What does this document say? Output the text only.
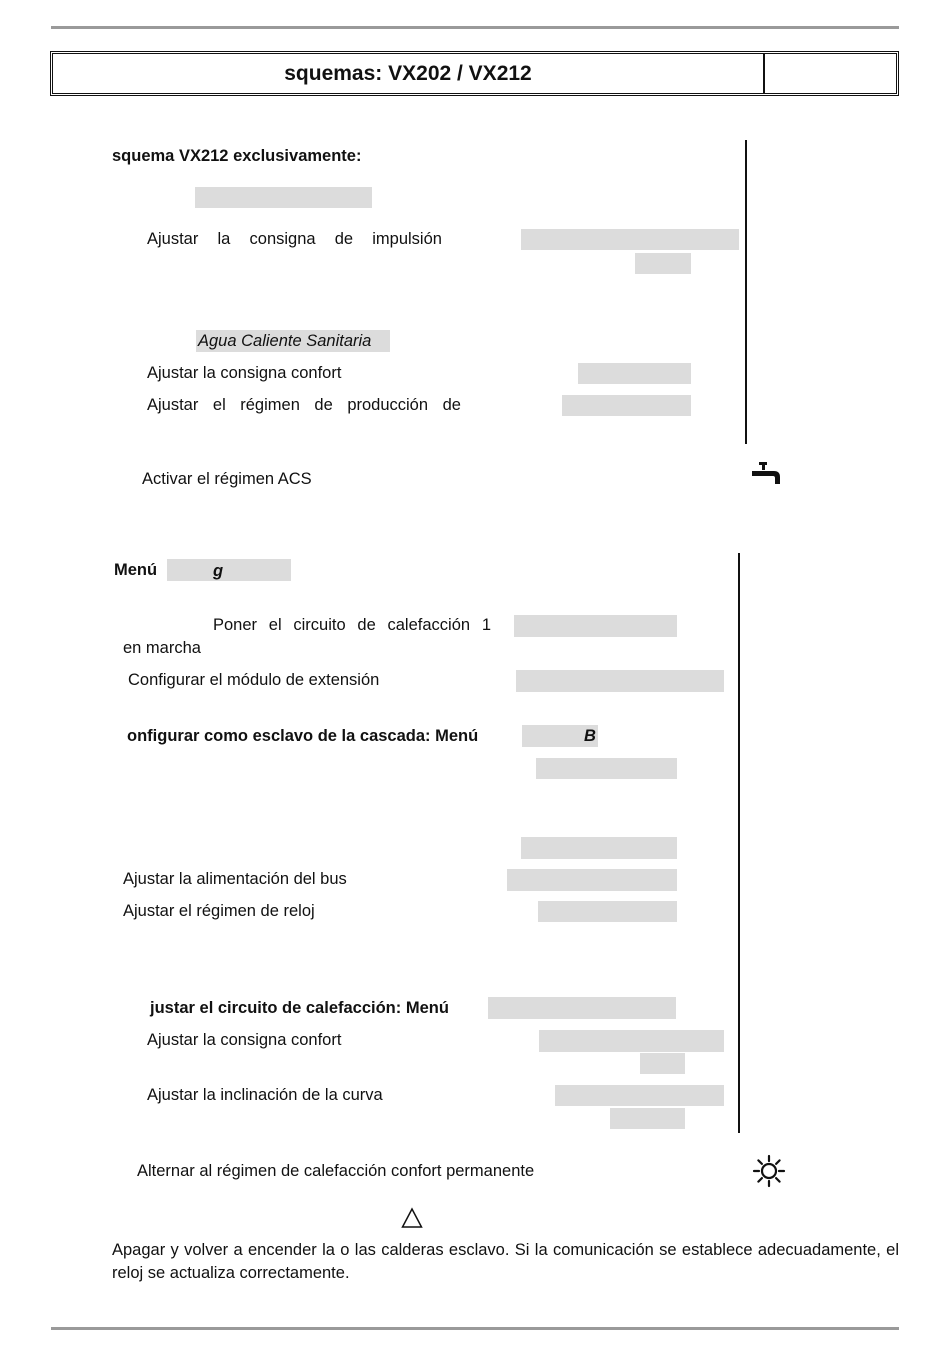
squemas: VX202 / VX212
squema VX212 exclusivamente:
Ajustar la consigna de impulsión
Agua Caliente Sanitaria
Ajustar la consigna confort
Ajustar el régimen de producción de
Activar el régimen ACS
Menú	g
Poner el circuito de calefacción 1
en marcha
Configurar el módulo de extensión
onfigurar como esclavo de la cascada: Menú	B
Ajustar la alimentación del bus
Ajustar el régimen de reloj
justar el circuito de calefacción: Menú
Ajustar la consigna confort
Ajustar la inclinación de la curva
Alternar al régimen de calefacción confort permanente
Apagar y volver a encender la o las calderas esclavo. Si la comunicación se establece adecuadamente, el reloj se actualiza correctamente.
